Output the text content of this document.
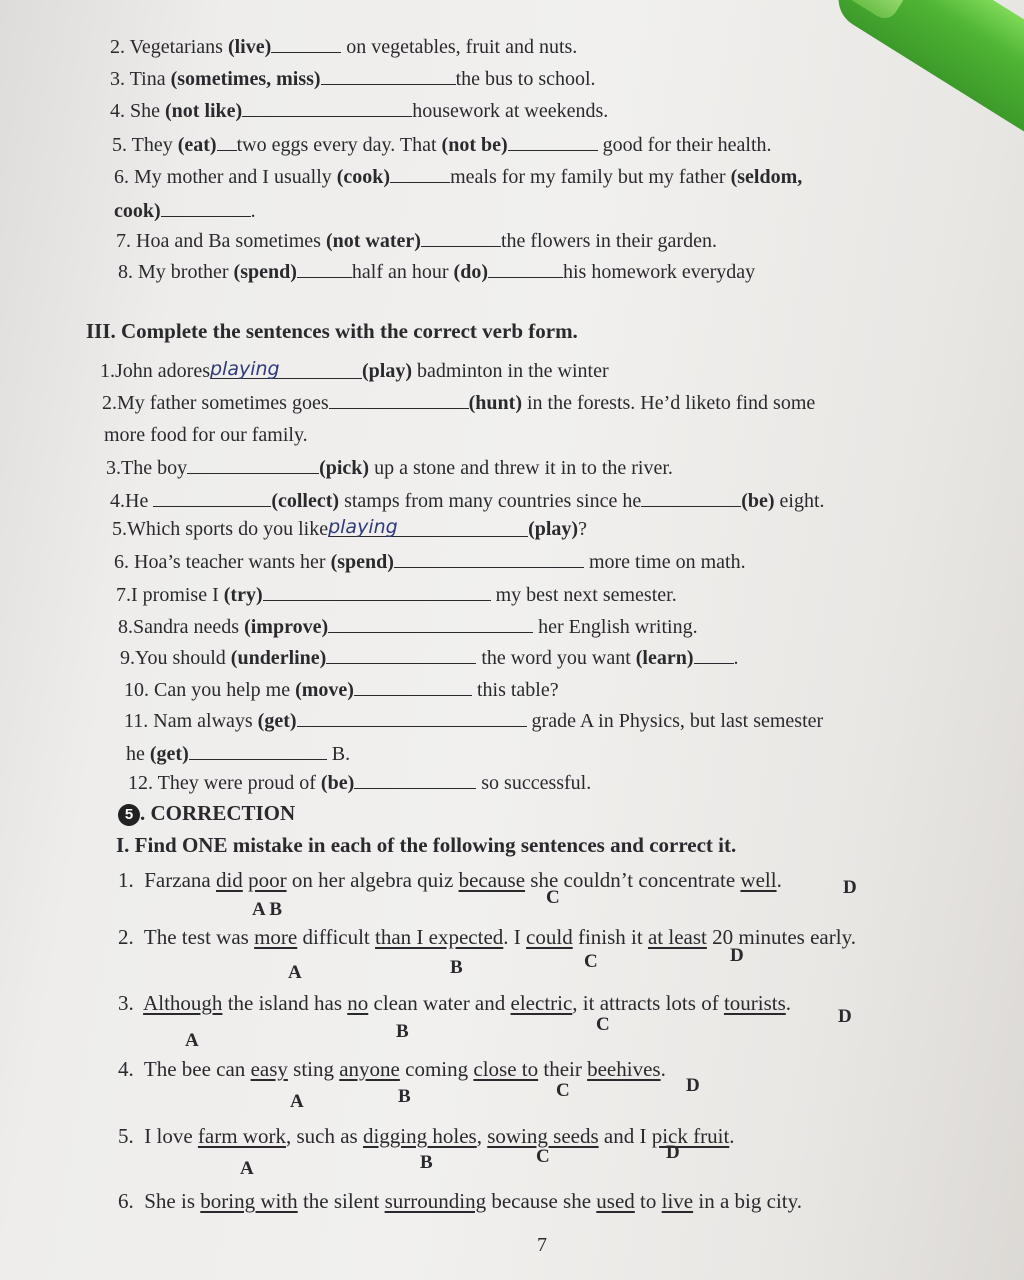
2. Vegetarians (live)	on vegetables, fruit and nuts.
3. Tina (sometimes, miss)	the bus to school.
4. She (not like)	housework at weekends.
5. They (eat) two eggs every day. That (not be)	good for their health.
6. My mother and I usually (cook)	meals for my family but my father (seldom,
cook)	.
7. Hoa and Ba sometimes (not water)	the flowers in their garden.
8. My brother (spend)	half an hour (do)	his homework everyday
III. Complete the sentences with the correct verb form.
1.John adoresplaying	(play) badminton in the winter
2.My father sometimes goes	(hunt) in the forests. He’d liketo find some
more food for our family.
3.The boy	(pick) up a stone and threw it in to the river.
4.He	(collect) stamps from many countries since he	(be) eight.
5.Which sports do you likeplaying	(play)?
6. Hoa’s teacher wants her (spend)	more time on math.
7.I promise I (try)	my best next semester.
8.Sandra needs (improve)	her English writing.
9.You should (underline)	the word you want (learn) .
10. Can you help me (move)	this table?
11. Nam always (get)	grade A in Physics, but last semester
he (get)	B.
12. They were proud of (be)	so successful.
5 . CORRECTION
I. Find ONE mistake in each of the following sentences and correct it.
1.  Farzana did poor on her algebra quiz because she couldn’t concentrate well.
A B
C	D
2.  The test was more difficult than I expected. I could finish it at least 20 minutes early.
A	B	C	D
3. Although the island has no clean water and electric, it attracts lots of tourists.
A	B	C	D
4.  The bee can easy sting anyone coming close to their beehives.
A	B	C	D
5.  I love farm work, such as digging holes, sowing seeds and I pick fruit.
A	B	C	D
6.  She is boring with the silent surrounding because she used to live in a big city.
7
